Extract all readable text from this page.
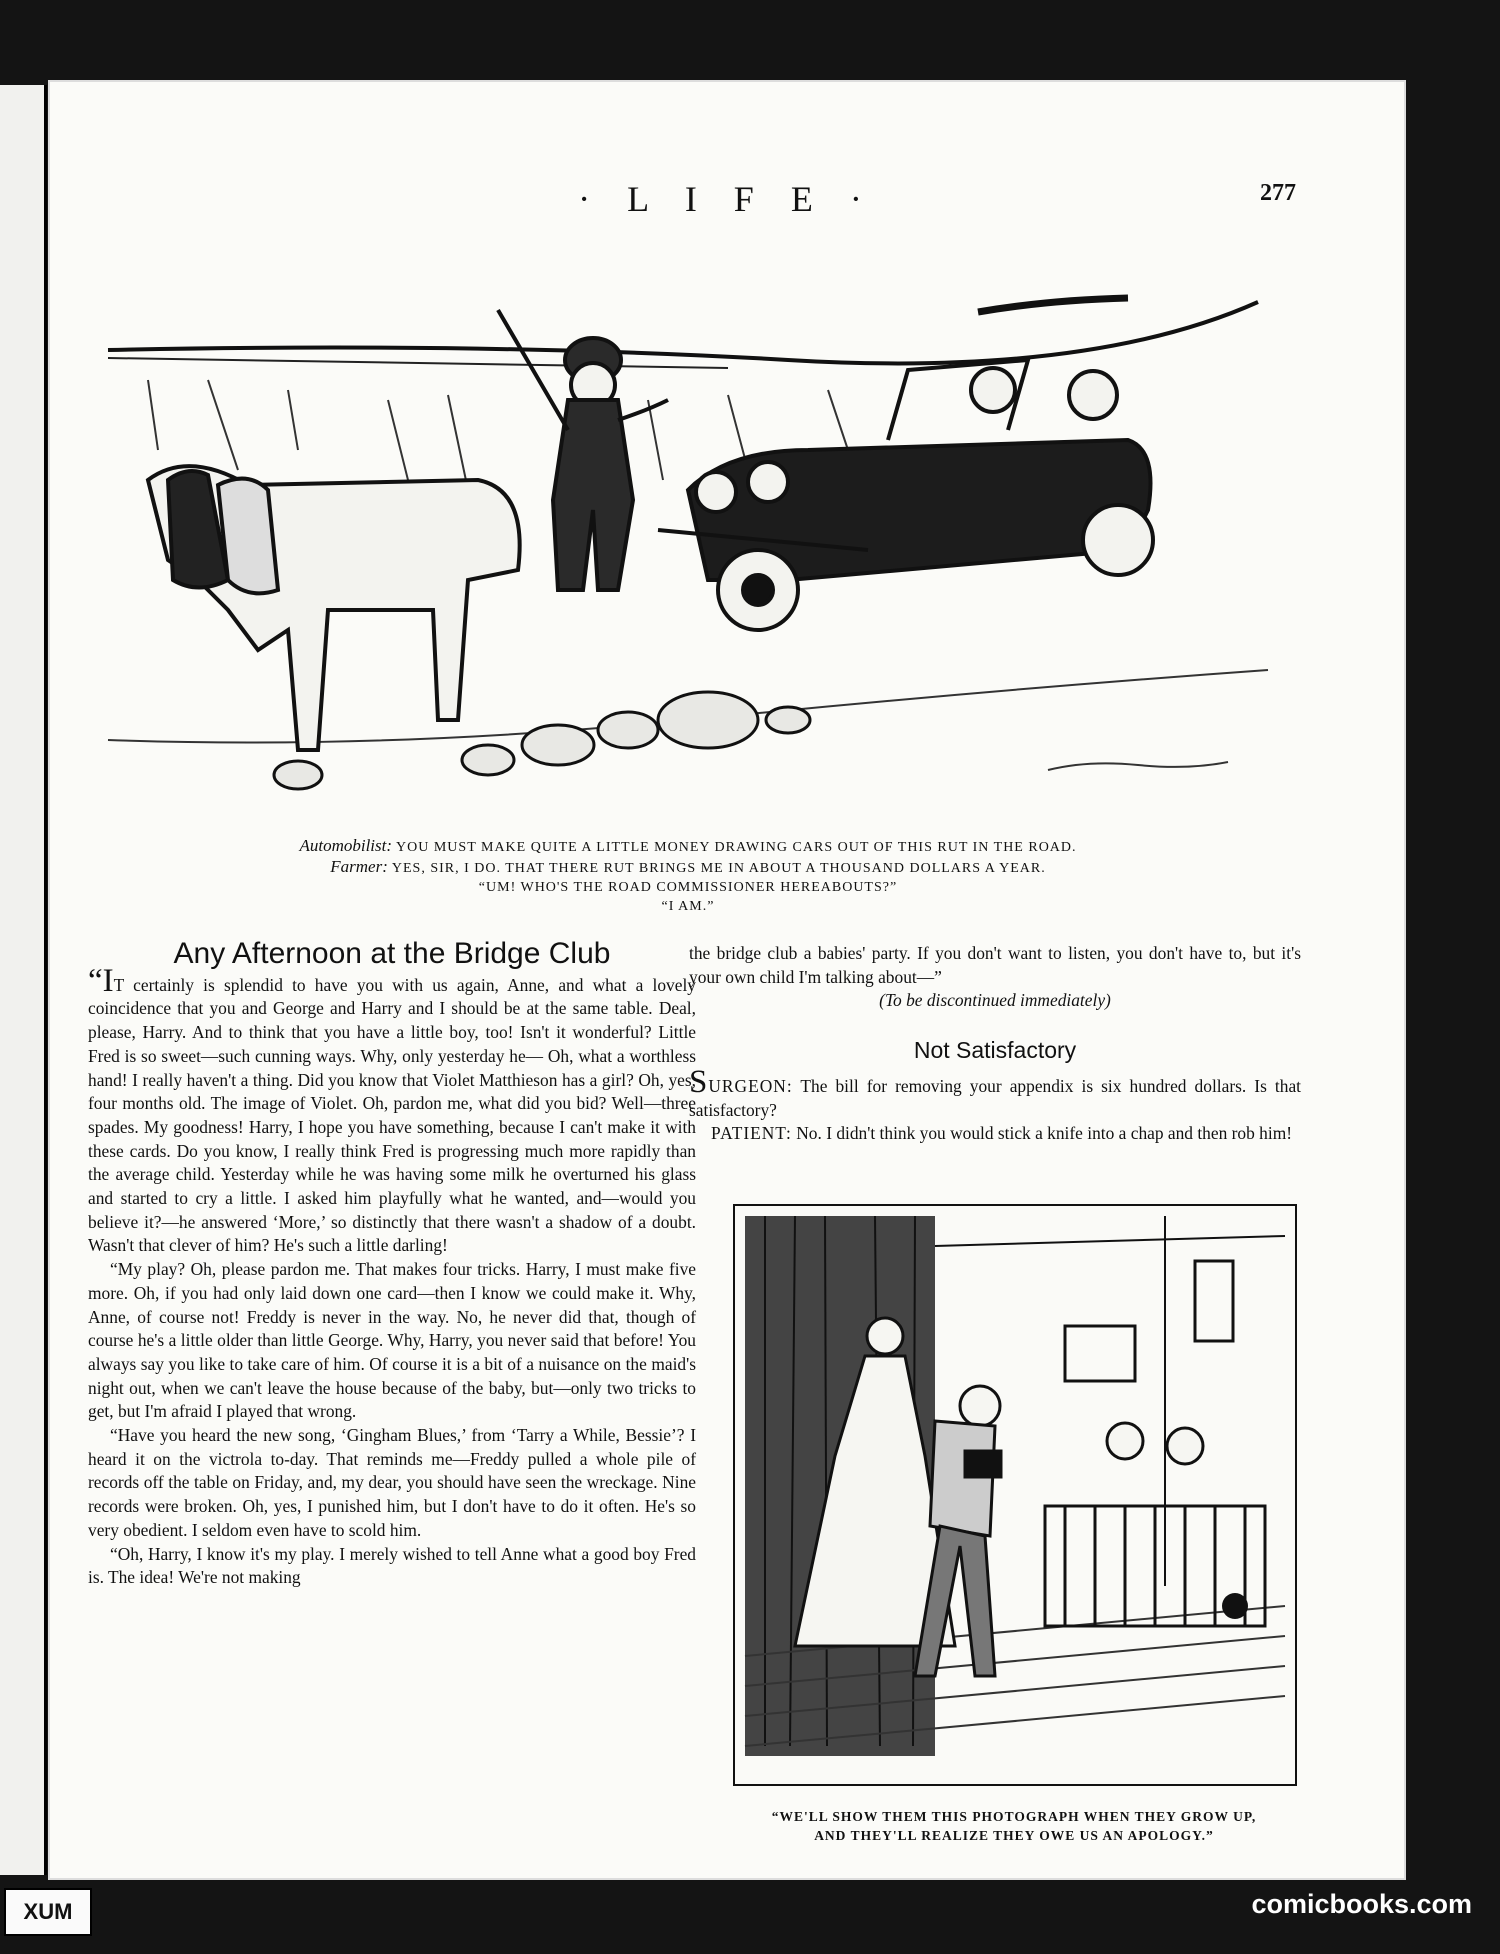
· L I F E ·	277
Automobilist: YOU MUST MAKE QUITE A LITTLE MONEY DRAWING CARS OUT OF THIS RUT IN THE ROAD.
Farmer: YES, SIR, I DO. THAT THERE RUT BRINGS ME IN ABOUT A THOUSAND DOLLARS A YEAR.
“UM! WHO'S THE ROAD COMMISSIONER HEREABOUTS?”
“I AM.”
Any Afternoon at the Bridge Club

“IT certainly is splendid to have you with us again, Anne, and what a lovely coincidence that you and George and Harry and I should be at the same table. Deal, please, Harry. And to think that you have a little boy, too! Isn't it wonderful? Little Fred is so sweet—such cunning ways. Why, only yesterday he— Oh, what a worthless hand! I really haven't a thing. Did you know that Violet Matthieson has a girl? Oh, yes, four months old. The image of Violet. Oh, pardon me, what did you bid? Well—three spades. My goodness! Harry, I hope you have something, because I can't make it with these cards. Do you know, I really think Fred is progressing much more rapidly than the average child. Yesterday while he was having some milk he overturned his glass and started to cry a little. I asked him playfully what he wanted, and—would you believe it?—he answered ‘More,’ so distinctly that there wasn't a shadow of a doubt. Wasn't that clever of him? He's such a little darling!

“My play? Oh, please pardon me. That makes four tricks. Harry, I must make five more. Oh, if you had only laid down one card—then I know we could make it. Why, Anne, of course not! Freddy is never in the way. No, he never did that, though of course he's a little older than little George. Why, Harry, you never said that before! You always say you like to take care of him. Of course it is a bit of a nuisance on the maid's night out, when we can't leave the house because of the baby, but—only two tricks to get, but I'm afraid I played that wrong.

“Have you heard the new song, ‘Gingham Blues,’ from ‘Tarry a While, Bessie’? I heard it on the victrola to-day. That reminds me—Freddy pulled a whole pile of records off the table on Friday, and, my dear, you should have seen the wreckage. Nine records were broken. Oh, yes, I punished him, but I don't have to do it often. He's so very obedient. I seldom even have to scold him.

“Oh, Harry, I know it's my play. I merely wished to tell Anne what a good boy Fred is. The idea! We're not making

the bridge club a babies' party. If you don't want to listen, you don't have to, but it's your own child I'm talking about—”

(To be discontinued immediately)

Not Satisfactory

SURGEON: The bill for removing your appendix is six hundred dollars. Is that satisfactory?

PATIENT: No. I didn't think you would stick a knife into a chap and then rob him!

“WE'LL SHOW THEM THIS PHOTOGRAPH WHEN THEY GROW UP,
AND THEY'LL REALIZE THEY OWE US AN APOLOGY.”
XUM	comicbooks.com
